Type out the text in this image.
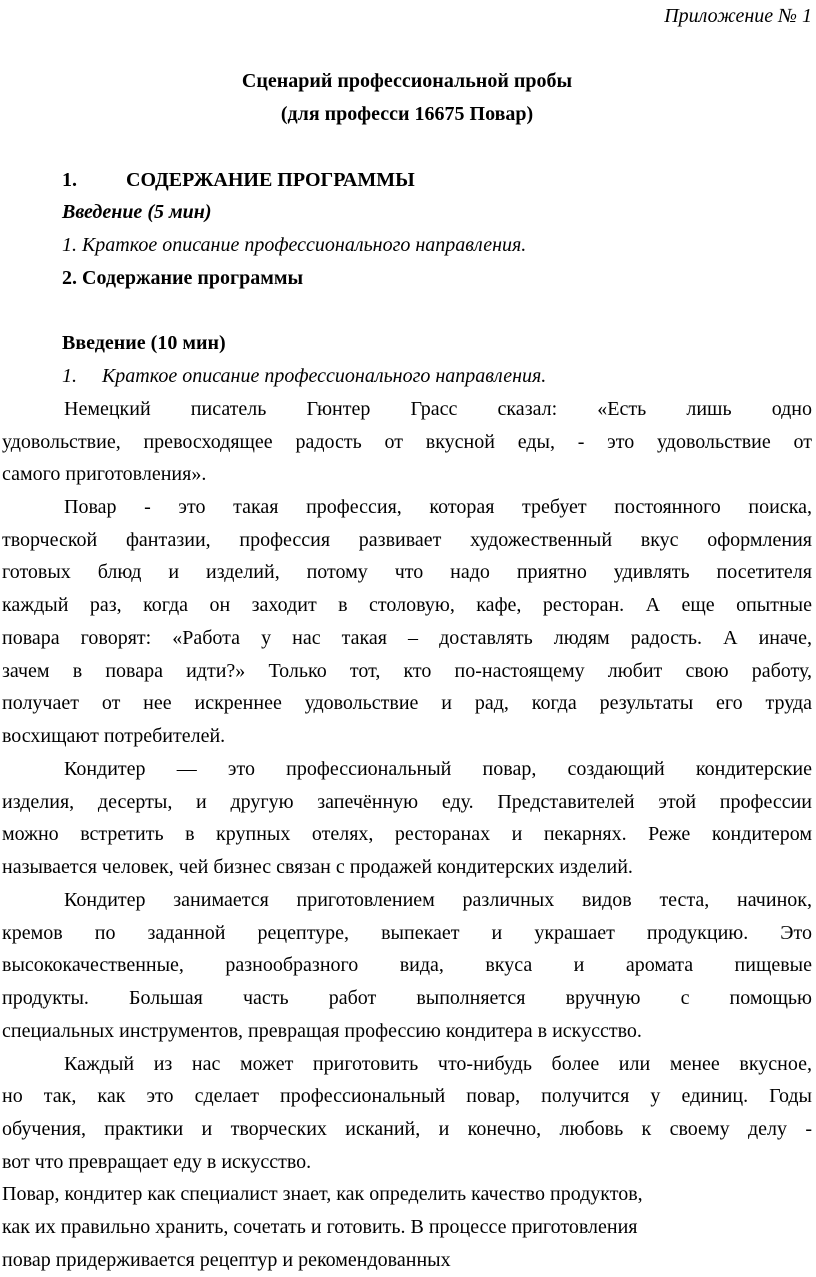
Приложение № 1
Сценарий профессиональной пробы
(для професси 16675 Повар)
1. СОДЕРЖАНИЕ ПРОГРАММЫ
Введение (5 мин)
1. Краткое описание профессионального направления.
2. Содержание программы
Введение (10 мин)
1. Краткое описание профессионального направления.
Немецкий писатель Гюнтер Грасс сказал: «Есть лишь одно
удовольствие, превосходящее радость от вкусной еды, - это удовольствие от
самого приготовления».
Повар - это такая профессия, которая требует постоянного поиска,
творческой фантазии, профессия развивает художественный вкус оформления
готовых блюд и изделий, потому что надо приятно удивлять посетителя
каждый раз, когда он заходит в столовую, кафе, ресторан. А еще опытные
повара говорят: «Работа у нас такая – доставлять людям радость. А иначе,
зачем в повара идти?» Только тот, кто по-настоящему любит свою работу,
получает от нее искреннее удовольствие и рад, когда результаты его труда
восхищают потребителей.
Кондитер — это профессиональный повар, создающий кондитерские
изделия, десерты, и другую запечённую еду. Представителей этой профессии
можно встретить в крупных отелях, ресторанах и пекарнях. Реже кондитером
называется человек, чей бизнес связан с продажей кондитерских изделий.
Кондитер занимается приготовлением различных видов теста, начинок,
кремов по заданной рецептуре, выпекает и украшает продукцию. Это
высококачественные, разнообразного вида, вкуса и аромата пищевые
продукты. Большая часть работ выполняется вручную с помощью
специальных инструментов, превращая профессию кондитера в искусство.
Каждый из нас может приготовить что-нибудь более или менее вкусное,
но так, как это сделает профессиональный повар, получится у единиц. Годы
обучения, практики и творческих исканий, и конечно, любовь к своему делу -
вот что превращает еду в искусство.
Повар, кондитер как специалист знает, как определить качество продуктов,
как их правильно хранить, сочетать и готовить. В процессе приготовления
повар придерживается рецептур и рекомендованных
